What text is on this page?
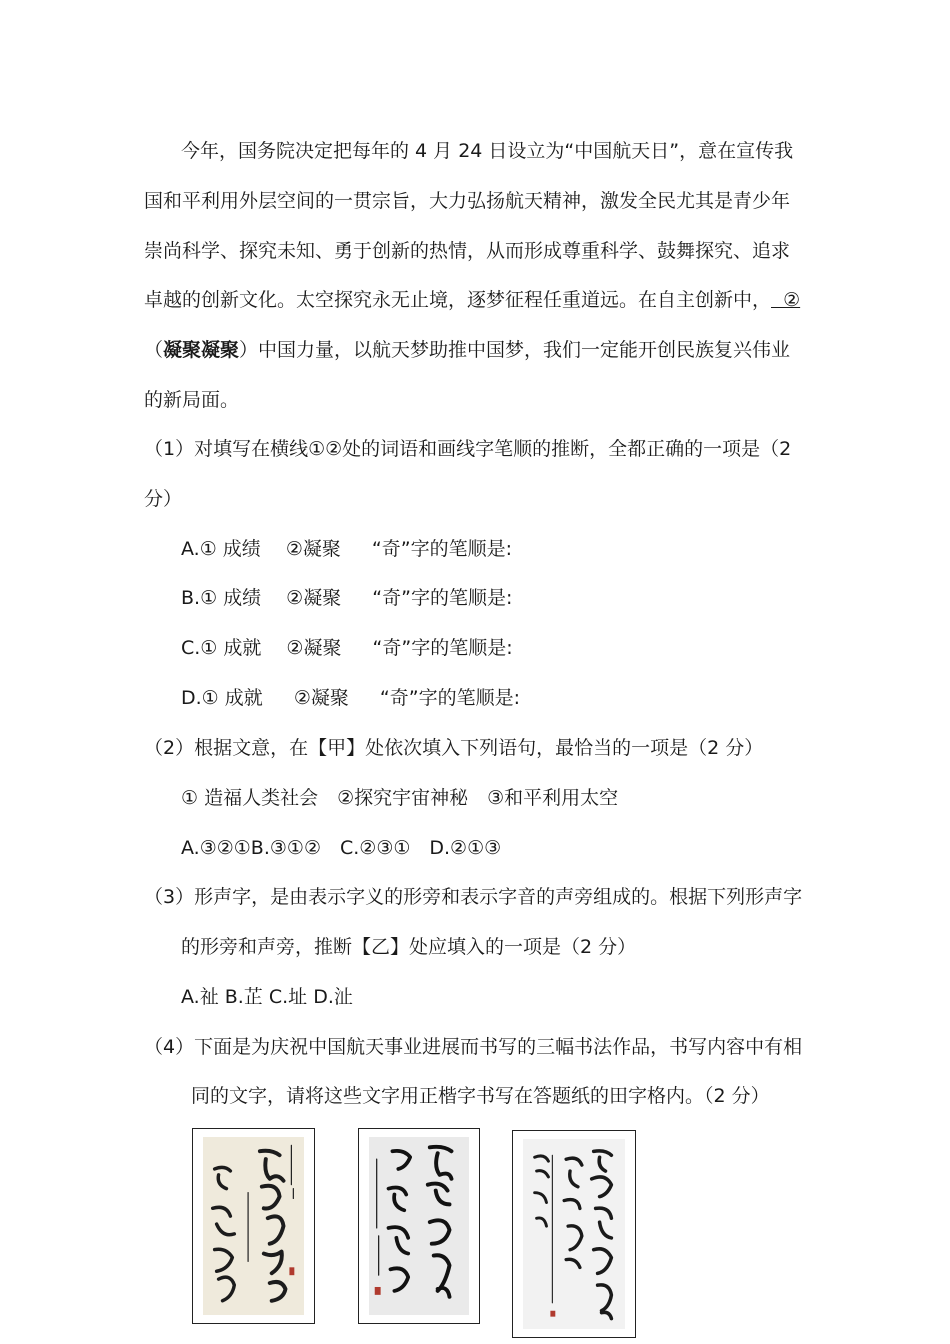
今年，国务院决定把每年的 4 月 24 日设立为“中国航天日”，意在宣传我
国和平利用外层空间的一贯宗旨，大力弘扬航天精神，激发全民尤其是青少年
崇尚科学、探究未知、勇于创新的热情，从而形成尊重科学、鼓舞探究、追求
卓越的创新文化。太空探究永无止境，逐梦征程任重道远。在自主创新中，  ②
（凝聚凝聚）中国力量，以航天梦助推中国梦，我们一定能开创民族复兴伟业
的新局面。
（1）对填写在横线①②处的词语和画线字笔顺的推断，全都正确的一项是（2
分）
A.① 成绩　 ②凝聚　  “奇”字的笔顺是:
B.① 成绩　 ②凝聚　  “奇”字的笔顺是:
C.① 成就　 ②凝聚　  “奇”字的笔顺是:
D.① 成就　  ②凝聚　  “奇”字的笔顺是:
（2）根据文意，在【甲】处依次填入下列语句，最恰当的一项是（2 分）
① 造福人类社会　②探究宇宙神秘　③和平利用太空
A.③②①B.③①②　C.②③①　D.②①③
（3）形声字，是由表示字义的形旁和表示字音的声旁组成的。根据下列形声字
的形旁和声旁，推断【乙】处应填入的一项是（2 分）
A.祉 B.芷 C.址 D.沚
（4）下面是为庆祝中国航天事业进展而书写的三幅书法作品，书写内容中有相
同的文字，请将这些文字用正楷字书写在答题纸的田字格内。（2 分）
